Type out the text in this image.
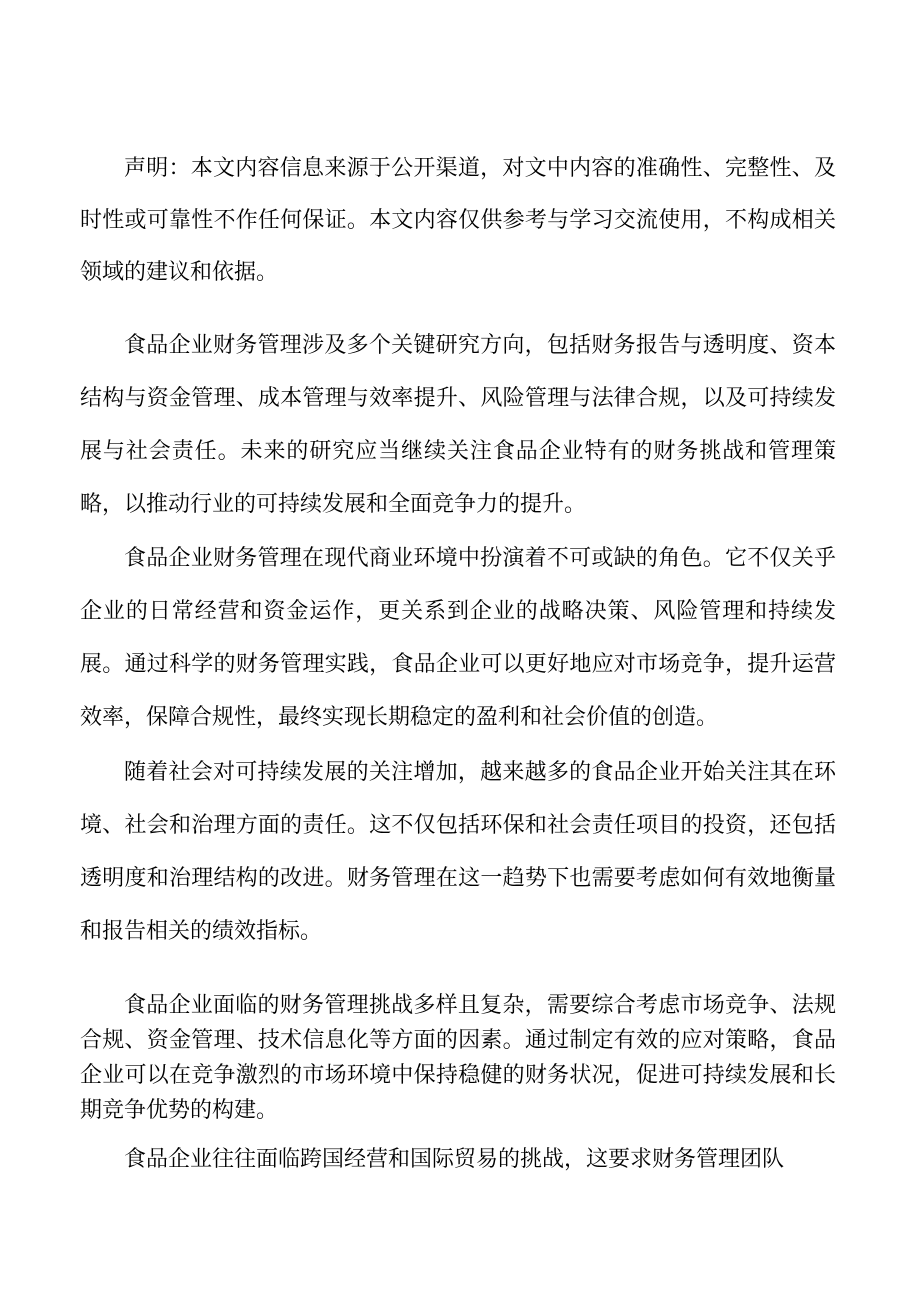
声明：本文内容信息来源于公开渠道，对文中内容的准确性、完整性、及时性或可靠性不作任何保证。本文内容仅供参考与学习交流使用，不构成相关领域的建议和依据。

食品企业财务管理涉及多个关键研究方向，包括财务报告与透明度、资本结构与资金管理、成本管理与效率提升、风险管理与法律合规，以及可持续发展与社会责任。未来的研究应当继续关注食品企业特有的财务挑战和管理策略，以推动行业的可持续发展和全面竞争力的提升。

食品企业财务管理在现代商业环境中扮演着不可或缺的角色。它不仅关乎企业的日常经营和资金运作，更关系到企业的战略决策、风险管理和持续发展。通过科学的财务管理实践，食品企业可以更好地应对市场竞争，提升运营效率，保障合规性，最终实现长期稳定的盈利和社会价值的创造。

随着社会对可持续发展的关注增加，越来越多的食品企业开始关注其在环境、社会和治理方面的责任。这不仅包括环保和社会责任项目的投资，还包括透明度和治理结构的改进。财务管理在这一趋势下也需要考虑如何有效地衡量和报告相关的绩效指标。

食品企业面临的财务管理挑战多样且复杂，需要综合考虑市场竞争、法规合规、资金管理、技术信息化等方面的因素。通过制定有效的应对策略，食品企业可以在竞争激烈的市场环境中保持稳健的财务状况，促进可持续发展和长期竞争优势的构建。

食品企业往往面临跨国经营和国际贸易的挑战，这要求财务管理团队
